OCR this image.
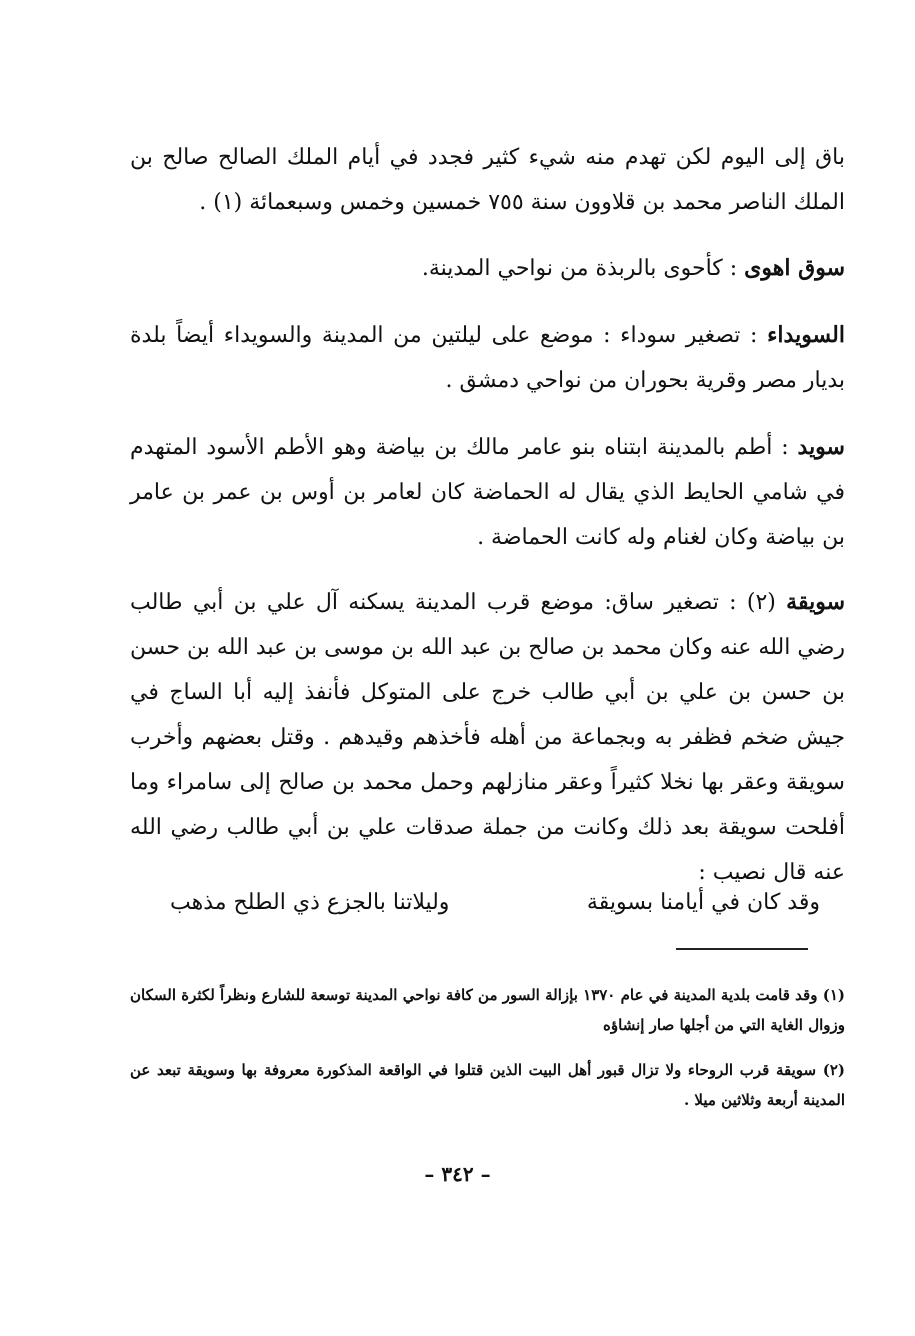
باق إلى اليوم لكن تهدم منه شيء كثير فجدد في أيام الملك الصالح صالح بن الملك الناصر محمد بن قلاوون سنة ٧٥٥ خمسين وخمس وسبعمائة (١) .

سوق اهوى : كأحوى بالربذة من نواحي المدينة.

السويداء : تصغير سوداء : موضع على ليلتين من المدينة والسويداء أيضاً بلدة بديار مصر وقرية بحوران من نواحي دمشق .

سويد : أطم بالمدينة ابتناه بنو عامر مالك بن بياضة وهو الأطم الأسود المتهدم في شامي الحايط الذي يقال له الحماضة كان لعامر بن أوس بن عمر بن عامر بن بياضة وكان لغنام وله كانت الحماضة .

سويقة (٢) : تصغير ساق: موضع قرب المدينة يسكنه آل علي بن أبي طالب رضي الله عنه وكان محمد بن صالح بن عبد الله بن موسى بن عبد الله بن حسن بن حسن بن علي بن أبي طالب خرج على المتوكل فأنفذ إليه أبا الساج في جيش ضخم فظفر به وبجماعة من أهله فأخذهم وقيدهم . وقتل بعضهم وأخرب سويقة وعقر بها نخلا كثيراً وعقر منازلهم وحمل محمد بن صالح إلى سامراء وما أفلحت سويقة بعد ذلك وكانت من جملة صدقات علي بن أبي طالب رضي الله عنه قال نصيب :

وقد كان في أيامنا بسويقة
وليلاتنا بالجزع ذي الطلح مذهب

(١) وقد قامت بلدية المدينة في عام ١٣٧٠ بإزالة السور من كافة نواحي المدينة توسعة للشارع ونظراً لكثرة السكان وزوال الغاية التي من أجلها صار إنشاؤه

(٢) سويقة قرب الروحاء ولا تزال قبور أهل البيت الذين قتلوا في الواقعة المذكورة معروفة بها وسويقة تبعد عن المدينة أربعة وثلاثين ميلا .

– ٣٤٢ –
